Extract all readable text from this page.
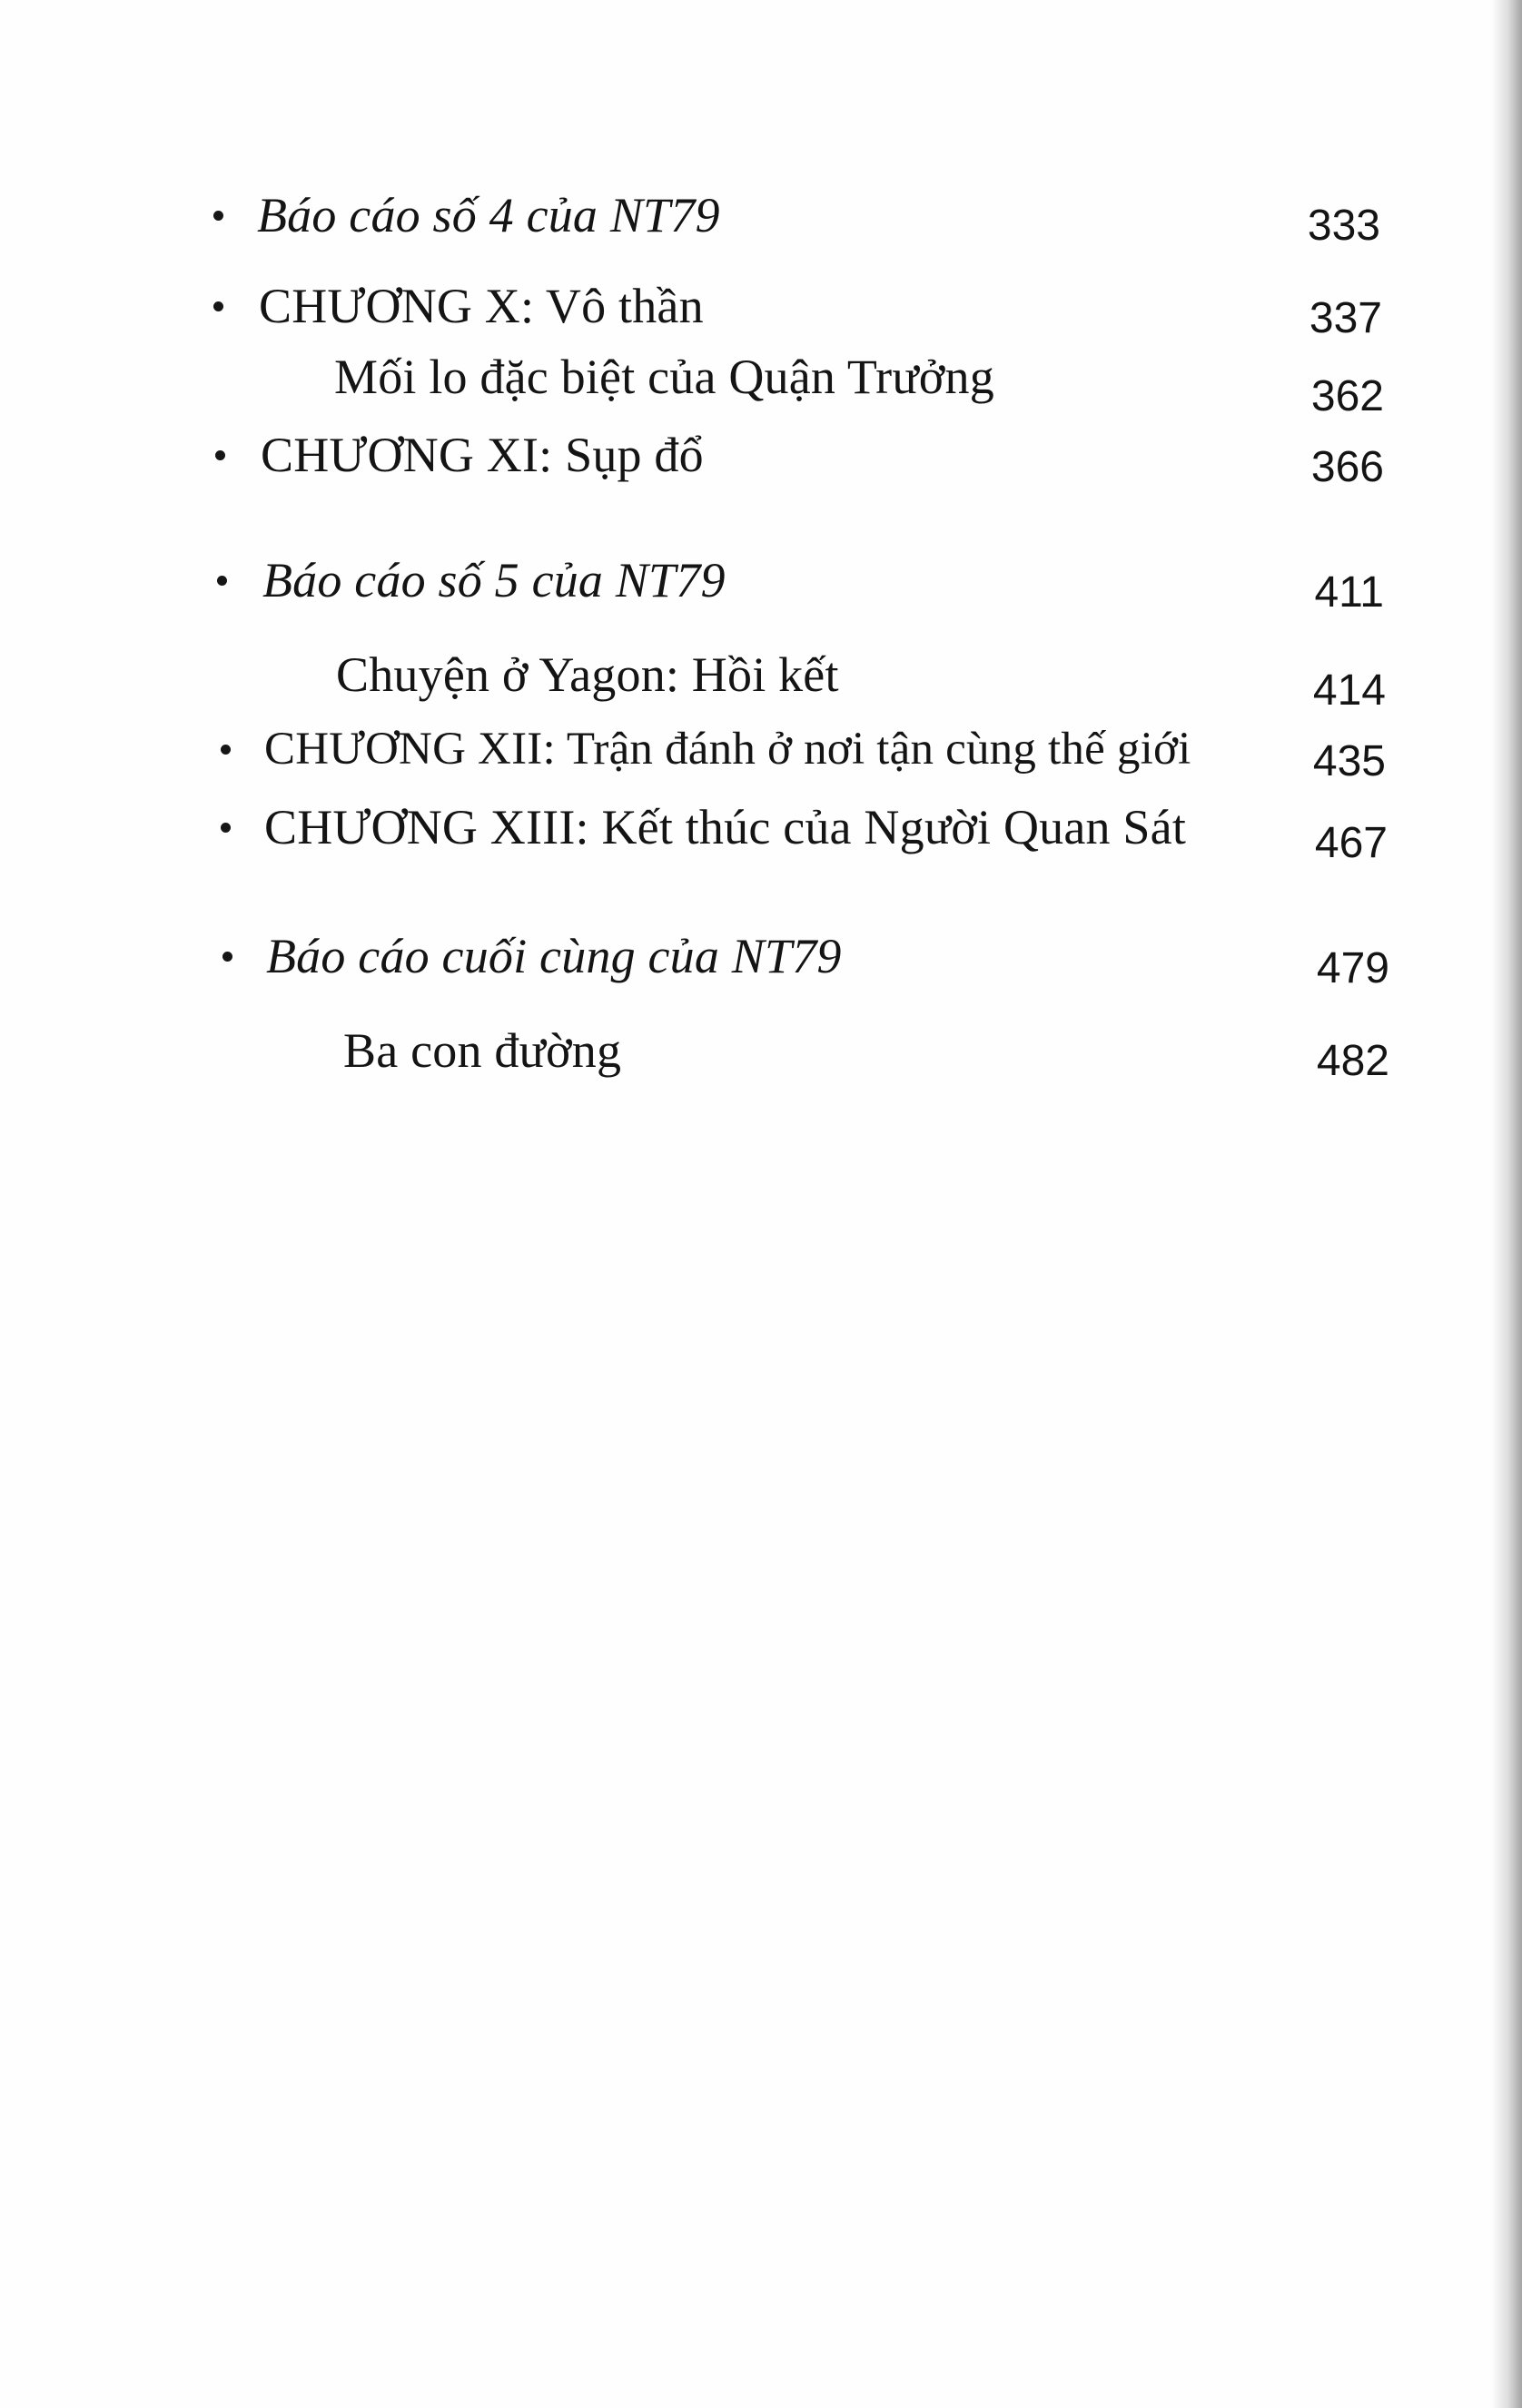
Báo cáo số 4 của NT79	333
CHƯƠNG X: Vô thần	337
Mối lo đặc biệt của Quận Trưởng	362
CHƯƠNG XI: Sụp đổ	366
Báo cáo số 5 của NT79	411
Chuyện ở Yagon: Hồi kết	414
CHƯƠNG XII: Trận đánh ở nơi tận cùng thế giới	435
CHƯƠNG XIII: Kết thúc của Người Quan Sát	467
Báo cáo cuối cùng của NT79	479
Ba con đường	482
